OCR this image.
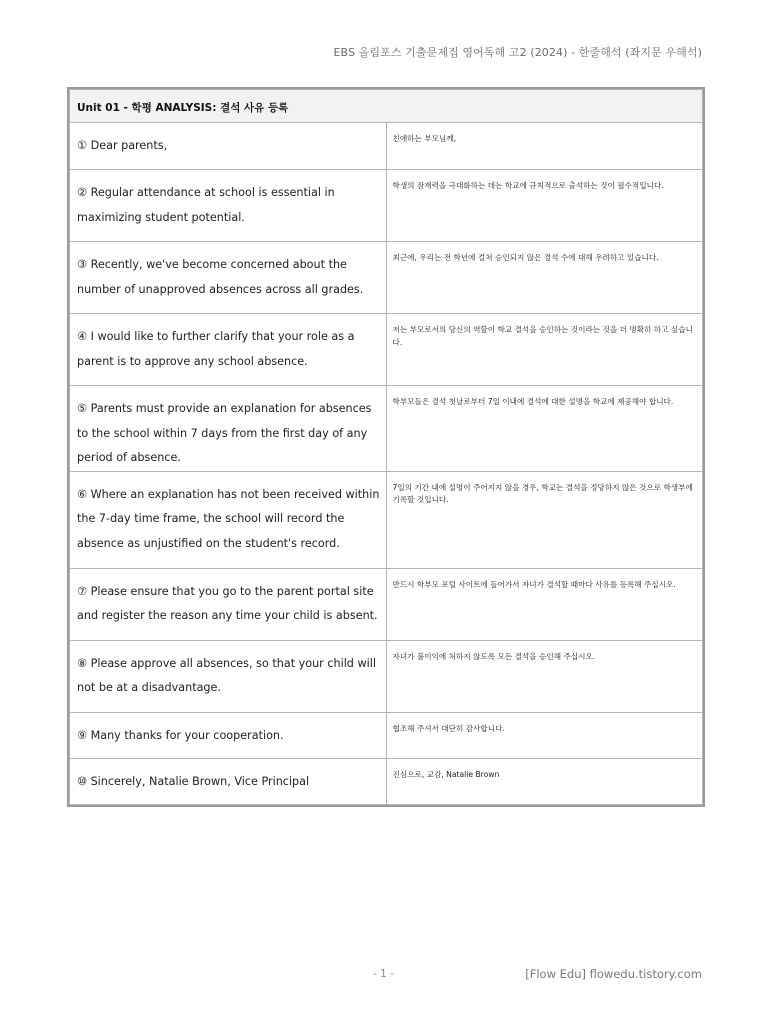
EBS 올림포스 기출문제집 영어독해 고2 (2024) - 한줄해석 (좌지문 우해석)
Unit 01 - 학평 ANALYSIS: 결석 사유 등록	
① Dear parents,	친애하는 부모님께,
② Regular attendance at school is essential in maximizing student potential.	학생의 잠재력을 극대화하는 데는 학교에 규칙적으로 출석하는 것이 필수적입니다.
③ Recently, we've become concerned about the number of unapproved absences across all grades.	최근에, 우리는 전 학년에 걸쳐 승인되지 않은 결석 수에 대해 우려하고 있습니다.
④ I would like to further clarify that your role as a parent is to approve any school absence.	저는 부모로서의 당신의 역할이 학교 결석을 승인하는 것이라는 것을 더 명확히 하고 싶습니다.
⑤ Parents must provide an explanation for absences to the school within 7 days from the first day of any period of absence.	학부모들은 결석 첫날로부터 7일 이내에 결석에 대한 설명을 학교에 제공해야 합니다.
⑥ Where an explanation has not been received within the 7-day time frame, the school will record the absence as unjustified on the student's record.	7일의 기간 내에 설명이 주어지지 않을 경우, 학교는 결석을 정당하지 않은 것으로 학생부에 기록할 것입니다.
⑦ Please ensure that you go to the parent portal site and register the reason any time your child is absent.	반드시 학부모 포털 사이트에 들어가서 자녀가 결석할 때마다 사유를 등록해 주십시오.
⑧ Please approve all absences, so that your child will not be at a disadvantage.	자녀가 불이익에 처하지 않도록 모든 결석을 승인해 주십시오.
⑨ Many thanks for your cooperation.	협조해 주셔서 대단히 감사합니다.
⑩ Sincerely, Natalie Brown, Vice Principal	진심으로, 교감, Natalie Brown
- 1 -	[Flow Edu] flowedu.tistory.com
